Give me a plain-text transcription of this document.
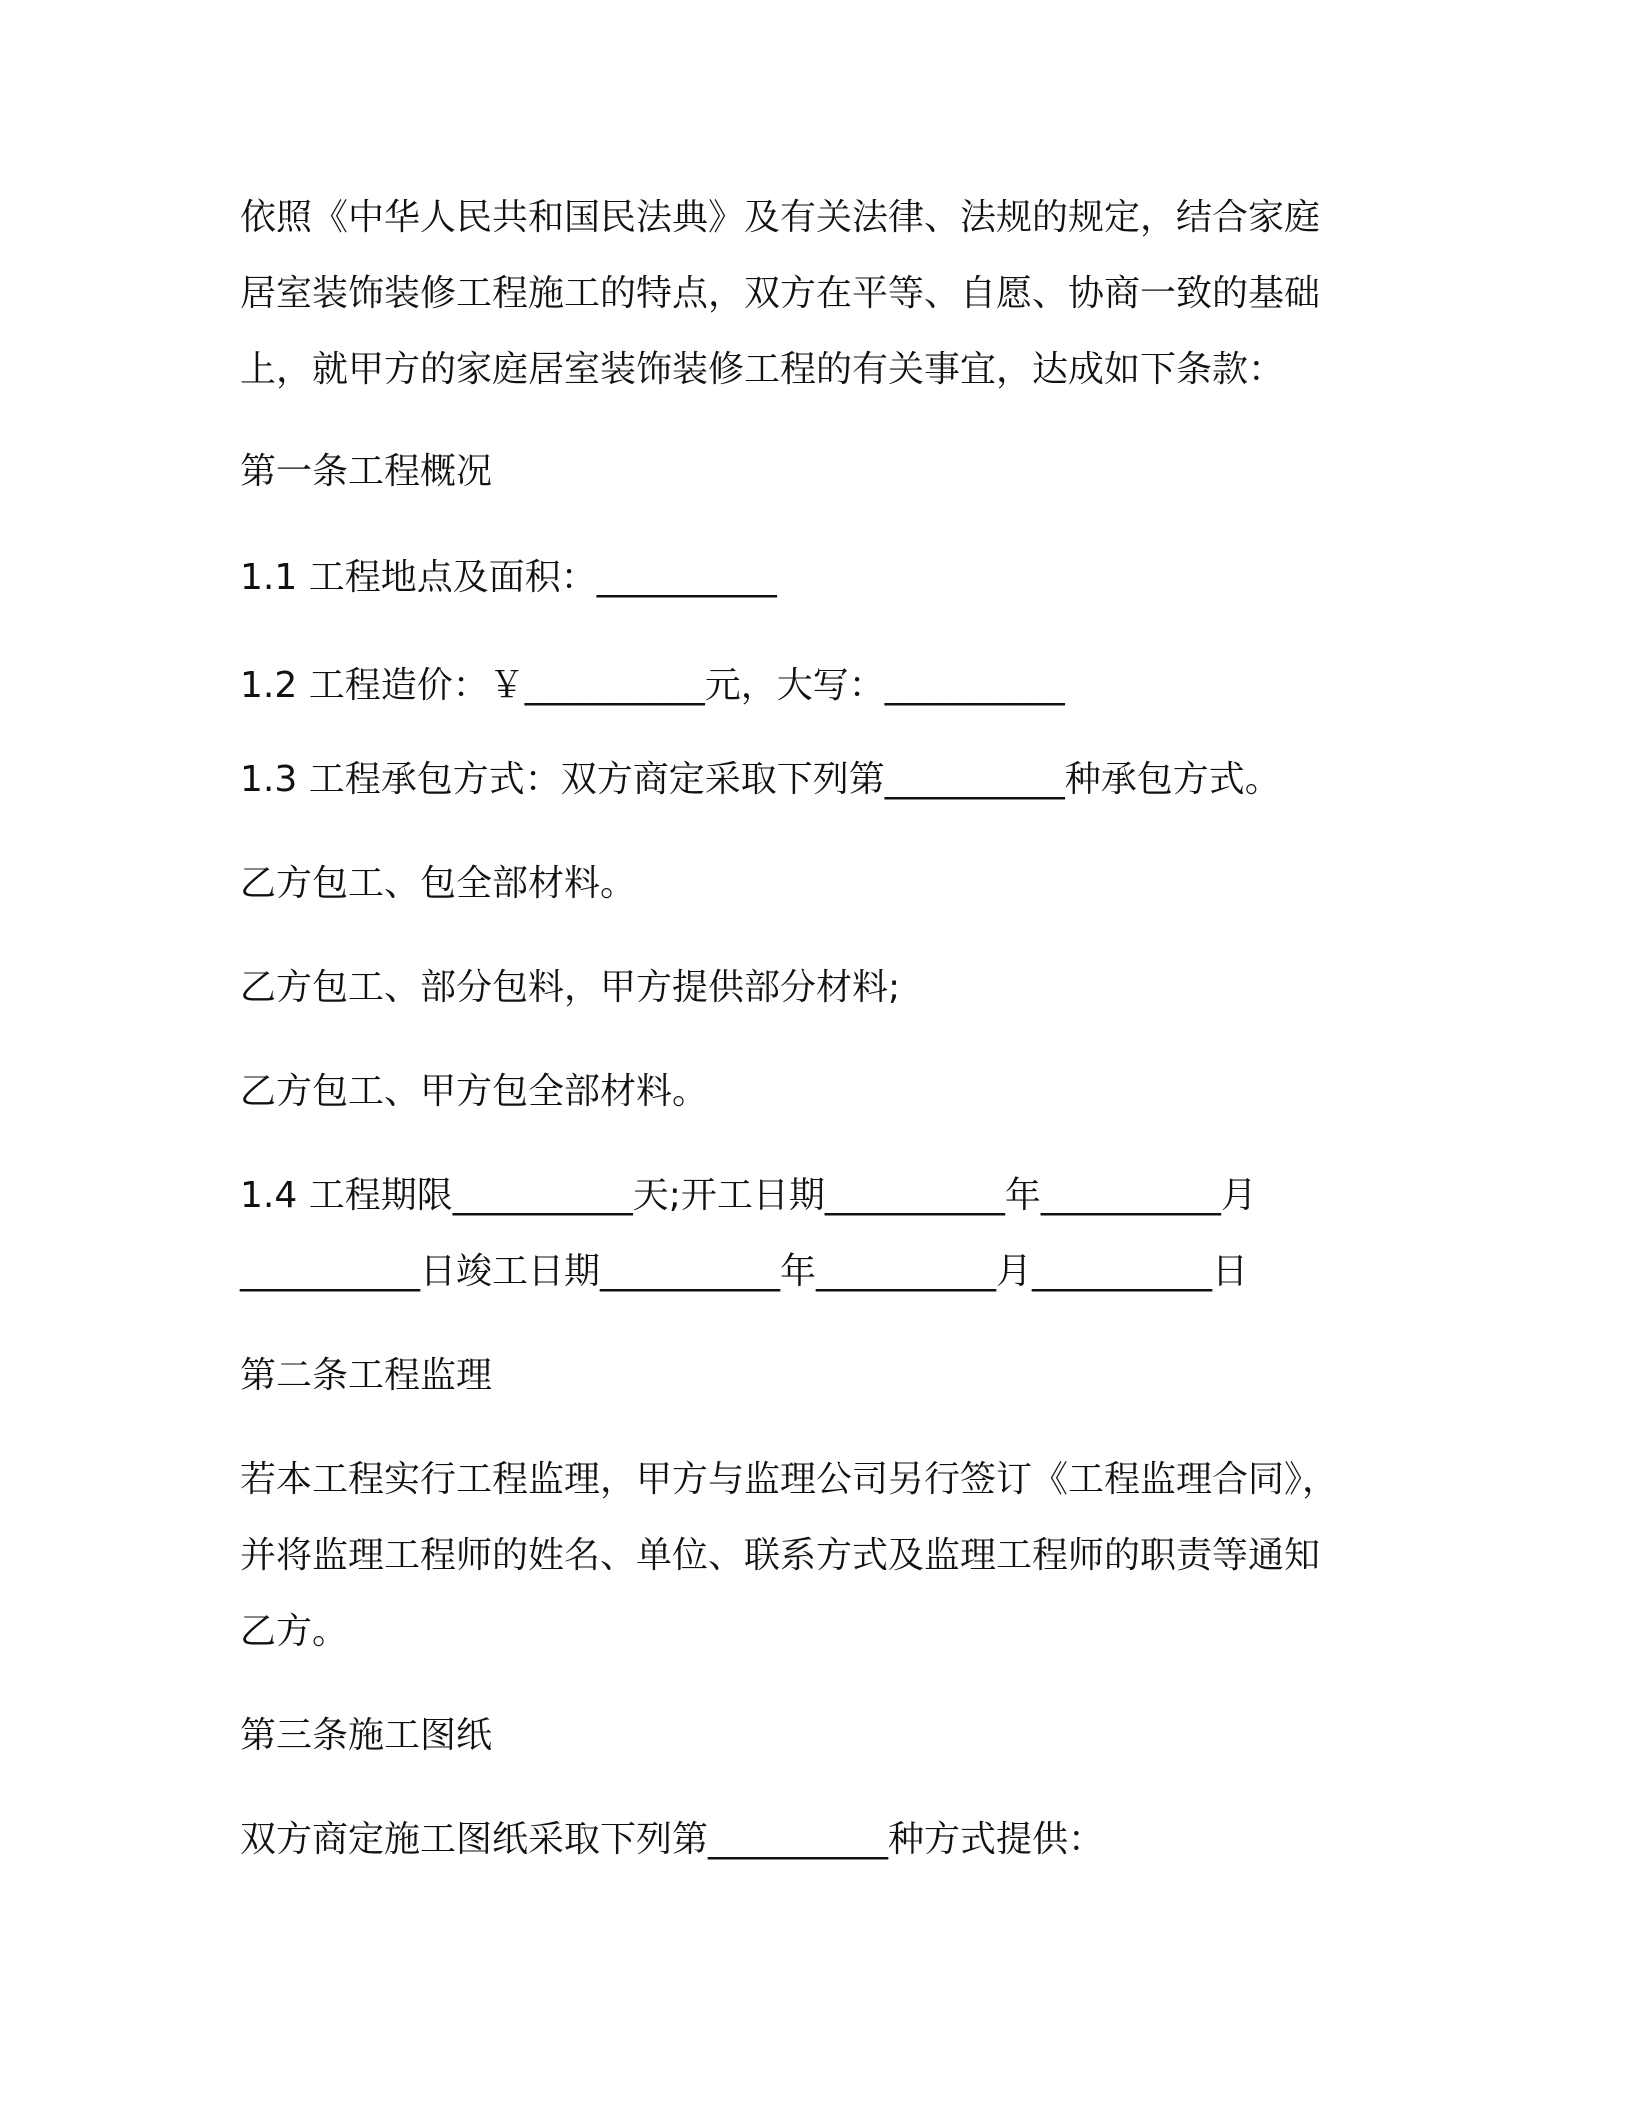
依照《中华人民共和国民法典》及有关法律、法规的规定，结合家庭
居室装饰装修工程施工的特点，双方在平等、自愿、协商一致的基础
上，就甲方的家庭居室装饰装修工程的有关事宜，达成如下条款：
第一条工程概况
1.1 工程地点及面积：__________
1.2 工程造价：￥__________元，大写：__________
1.3 工程承包方式：双方商定采取下列第__________种承包方式。
乙方包工、包全部材料。
乙方包工、部分包料，甲方提供部分材料;
乙方包工、甲方包全部材料。
1.4 工程期限__________天;开工日期__________年__________月
__________日竣工日期__________年__________月__________日
第二条工程监理
若本工程实行工程监理，甲方与监理公司另行签订《工程监理合同》，
并将监理工程师的姓名、单位、联系方式及监理工程师的职责等通知
乙方。
第三条施工图纸
双方商定施工图纸采取下列第__________种方式提供：
